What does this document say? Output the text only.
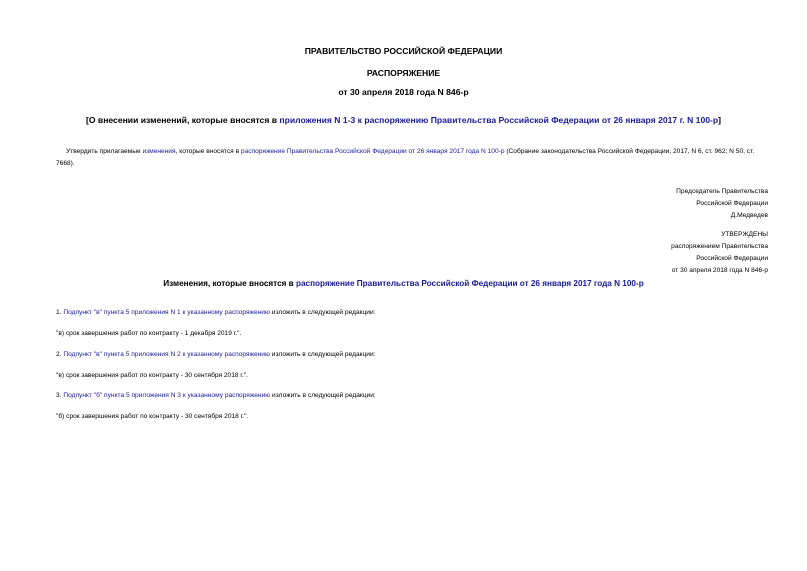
ПРАВИТЕЛЬСТВО РОССИЙСКОЙ ФЕДЕРАЦИИ
РАСПОРЯЖЕНИЕ
от 30 апреля 2018 года N 846-р
[О внесении изменений, которые вносятся в приложения N 1-3 к распоряжению Правительства Российской Федерации от 26 января 2017 г. N 100-р]
Утвердить прилагаемые изменения, которые вносятся в распоряжение Правительства Российской Федерации от 26 января 2017 года N 100-р (Собрание законодательства Российской Федерации, 2017, N 6, ст. 962; N 50, ст. 7668).
Председатель Правительства
Российской Федерации
Д.Медведев
УТВЕРЖДЕНЫ
распоряжением Правительства
Российской Федерации
от 30 апреля 2018 года N 846-р
Изменения, которые вносятся в распоряжение Правительства Российской Федерации от 26 января 2017 года N 100-р
1. Подпункт "в" пункта 5 приложения N 1 к указанному распоряжению изложить в следующей редакции:
"в) срок завершения работ по контракту - 1 декабря 2019 г.".
2. Подпункт "в" пункта 5 приложения N 2 к указанному распоряжению изложить в следующей редакции:
"в) срок завершения работ по контракту - 30 сентября 2018 г.".
3. Подпункт "б" пункта 5 приложения N 3 к указанному распоряжению изложить в следующей редакции:
"б) срок завершения работ по контракту - 30 сентября 2018 г.".
